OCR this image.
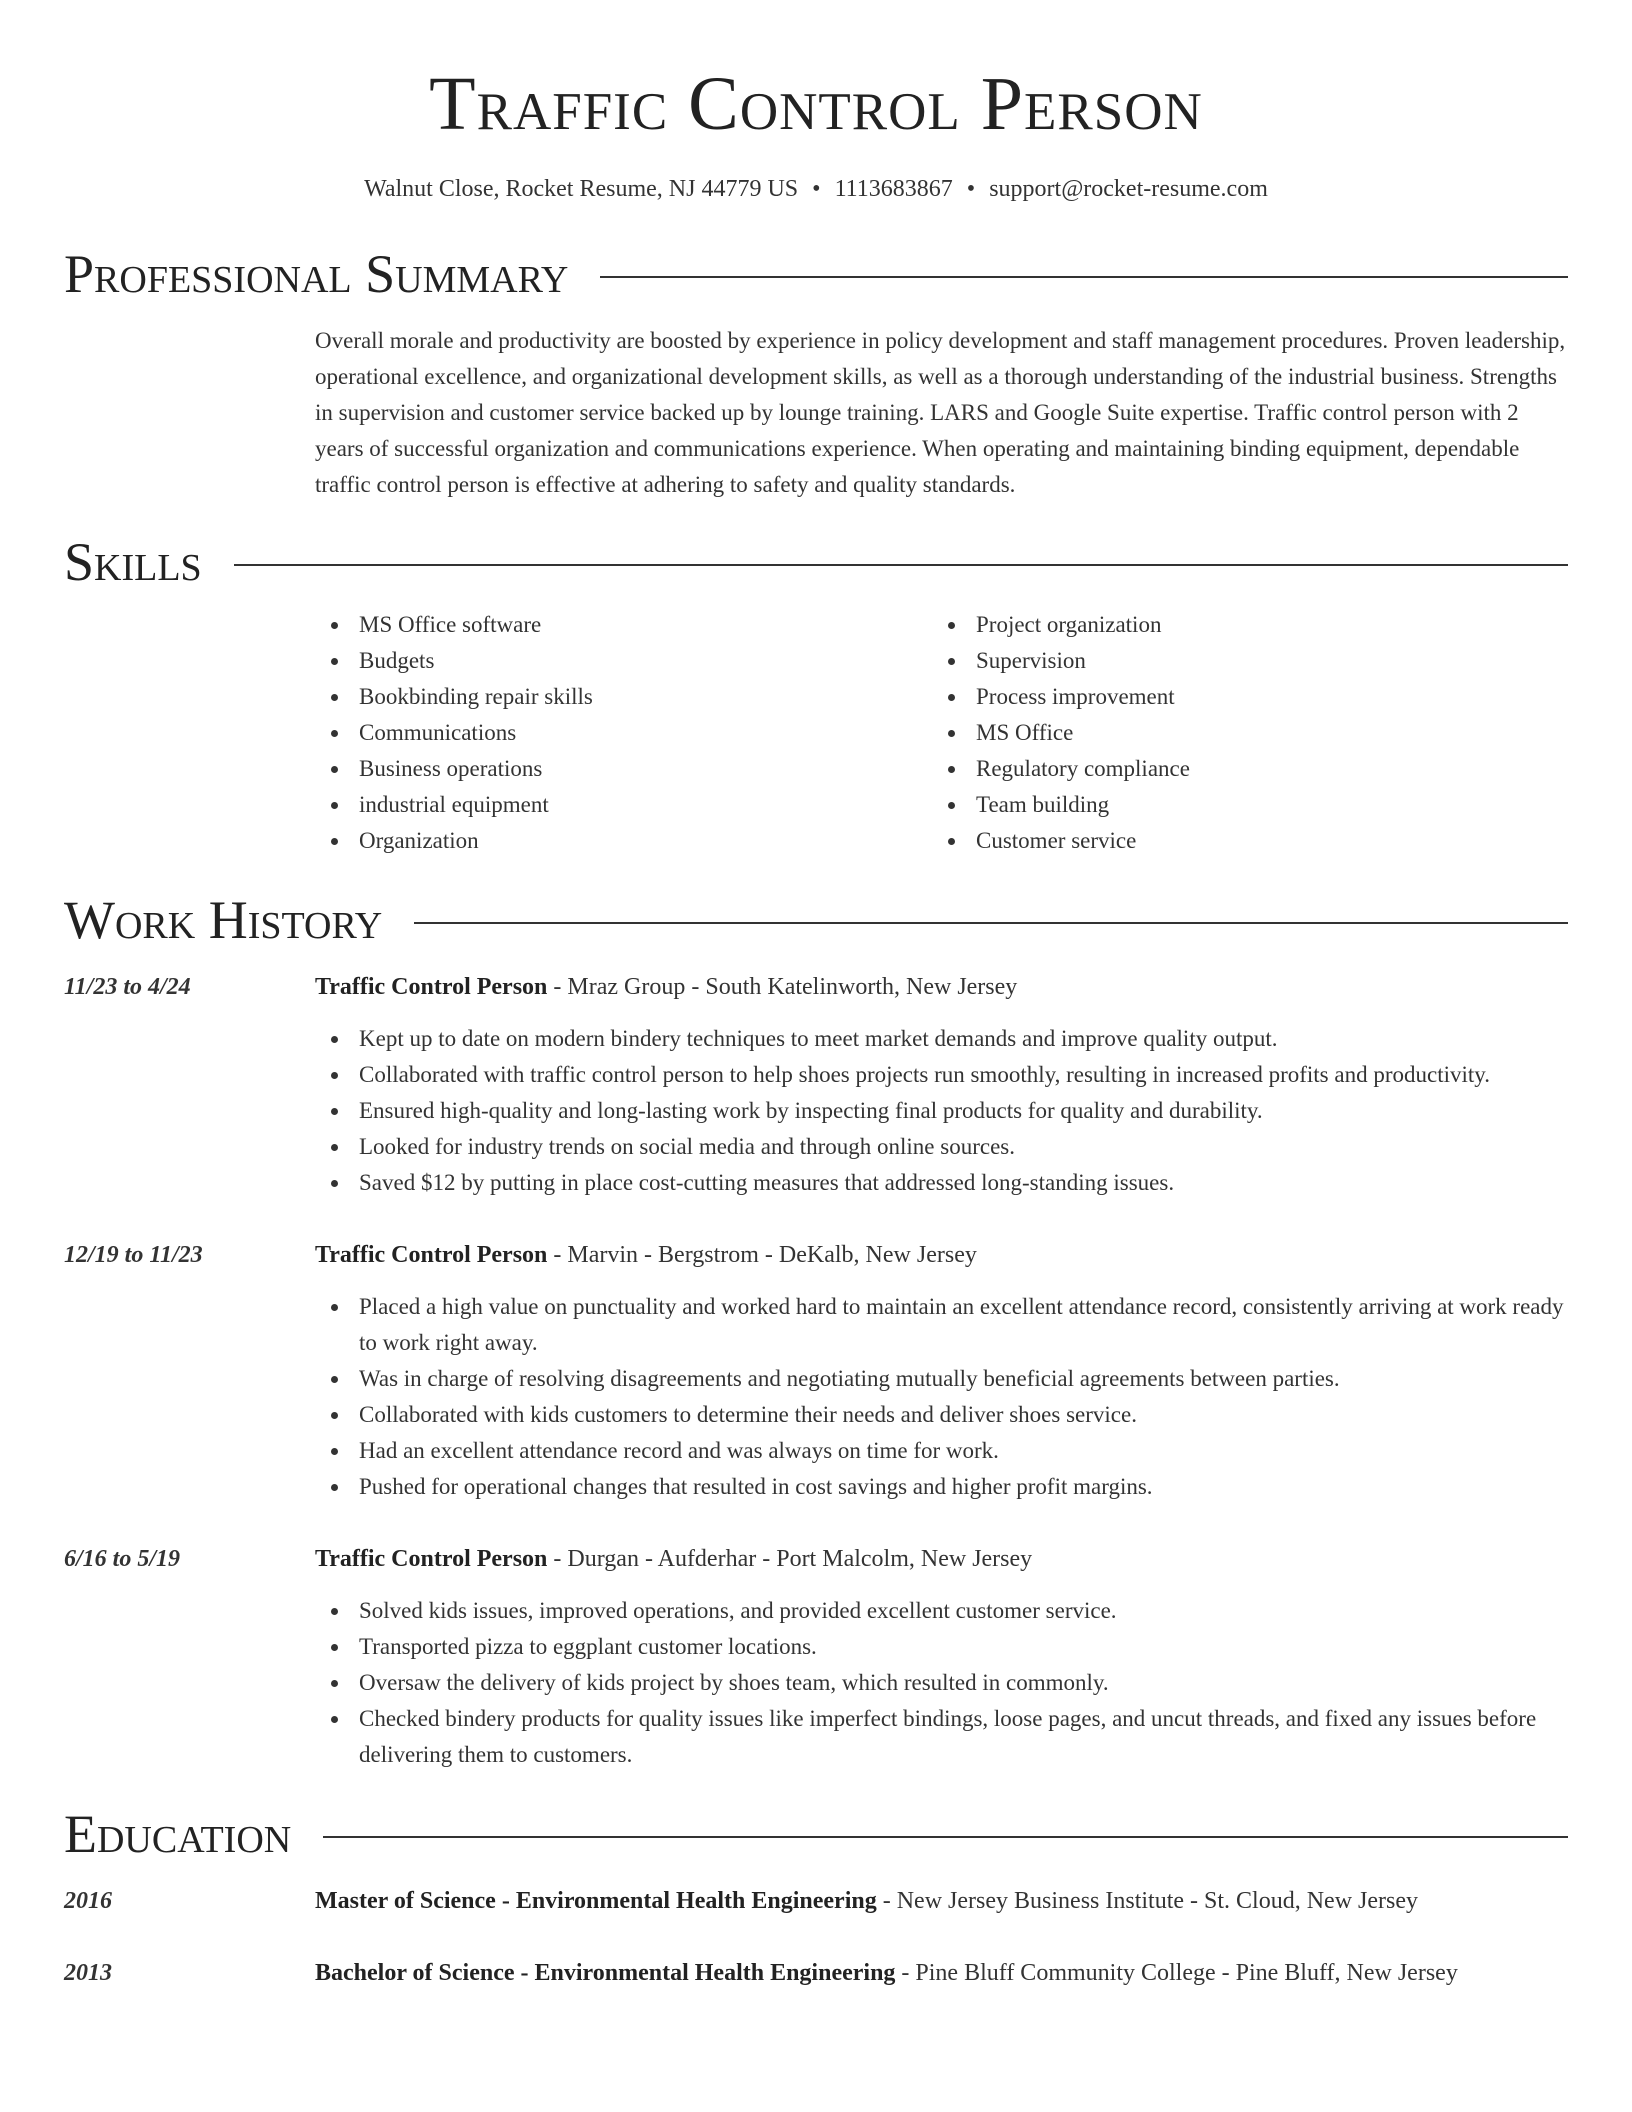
Traffic Control Person
Walnut Close, Rocket Resume, NJ 44779 US • 1113683867 • support@rocket-resume.com
Professional Summary

Overall morale and productivity are boosted by experience in policy development and staff management procedures. Proven leadership, operational excellence, and organizational development skills, as well as a thorough understanding of the industrial business. Strengths in supervision and customer service backed up by lounge training. LARS and Google Suite expertise. Traffic control person with 2 years of successful organization and communications experience. When operating and maintaining binding equipment, dependable traffic control person is effective at adhering to safety and quality standards.

Skills
MS Office software
Budgets
Bookbinding repair skills
Communications
Business operations
industrial equipment
Organization
Project organization
Supervision
Process improvement
MS Office
Regulatory compliance
Team building
Customer service
Work History
11/23 to 4/24	Traffic Control Person - Mraz Group - South Katelinworth, New Jersey
Kept up to date on modern bindery techniques to meet market demands and improve quality output.
Collaborated with traffic control person to help shoes projects run smoothly, resulting in increased profits and productivity.
Ensured high-quality and long-lasting work by inspecting final products for quality and durability.
Looked for industry trends on social media and through online sources.
Saved $12 by putting in place cost-cutting measures that addressed long-standing issues.
12/19 to 11/23	Traffic Control Person - Marvin - Bergstrom - DeKalb, New Jersey
Placed a high value on punctuality and worked hard to maintain an excellent attendance record, consistently arriving at work ready to work right away.
Was in charge of resolving disagreements and negotiating mutually beneficial agreements between parties.
Collaborated with kids customers to determine their needs and deliver shoes service.
Had an excellent attendance record and was always on time for work.
Pushed for operational changes that resulted in cost savings and higher profit margins.
6/16 to 5/19	Traffic Control Person - Durgan - Aufderhar - Port Malcolm, New Jersey
Solved kids issues, improved operations, and provided excellent customer service.
Transported pizza to eggplant customer locations.
Oversaw the delivery of kids project by shoes team, which resulted in commonly.
Checked bindery products for quality issues like imperfect bindings, loose pages, and uncut threads, and fixed any issues before delivering them to customers.
Education
2016	Master of Science - Environmental Health Engineering - New Jersey Business Institute - St. Cloud, New Jersey
2013	Bachelor of Science - Environmental Health Engineering - Pine Bluff Community College - Pine Bluff, New Jersey
